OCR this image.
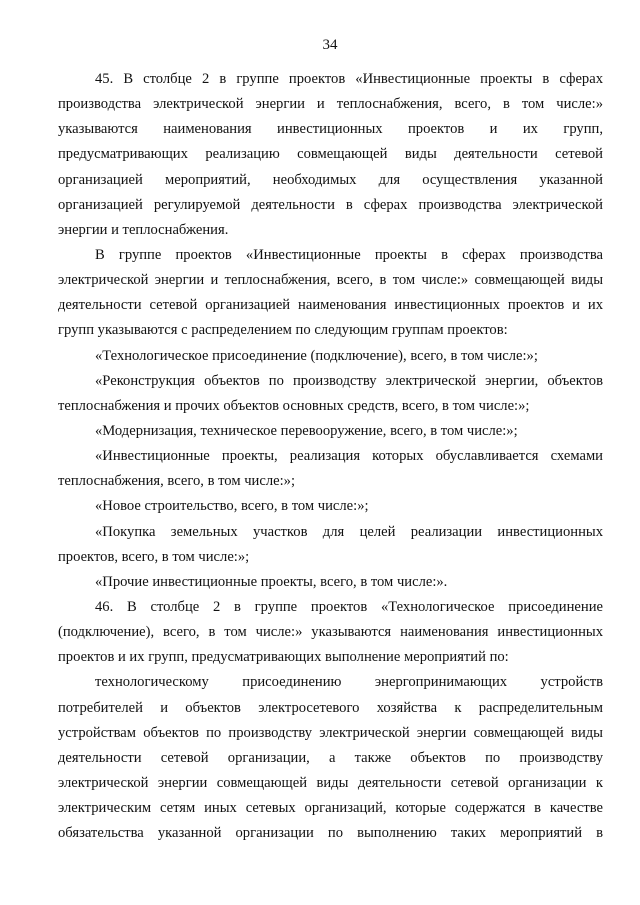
34
45. В столбце 2 в группе проектов «Инвестиционные проекты в сферах
производства электрической энергии и теплоснабжения, всего, в том числе:»
указываются наименования инвестиционных проектов и их групп,
предусматривающих реализацию совмещающей виды деятельности сетевой
организацией мероприятий, необходимых для осуществления указанной
организацией регулируемой деятельности в сферах производства электрической
энергии и теплоснабжения.
В группе проектов «Инвестиционные проекты в сферах производства
электрической энергии и теплоснабжения, всего, в том числе:» совмещающей виды
деятельности сетевой организацией наименования инвестиционных проектов и их
групп указываются с распределением по следующим группам проектов:
«Технологическое присоединение (подключение), всего, в том числе:»;
«Реконструкция объектов по производству электрической энергии, объектов
теплоснабжения и прочих объектов основных средств, всего, в том числе:»;
«Модернизация, техническое перевооружение, всего, в том числе:»;
«Инвестиционные проекты, реализация которых обуславливается схемами
теплоснабжения, всего, в том числе:»;
«Новое строительство, всего, в том числе:»;
«Покупка земельных участков для целей реализации инвестиционных
проектов, всего, в том числе:»;
«Прочие инвестиционные проекты, всего, в том числе:».
46. В столбце 2 в группе проектов «Технологическое присоединение
(подключение), всего, в том числе:» указываются наименования инвестиционных
проектов и их групп, предусматривающих выполнение мероприятий по:
технологическому присоединению энергопринимающих устройств
потребителей и объектов электросетевого хозяйства к распределительным
устройствам объектов по производству электрической энергии совмещающей виды
деятельности сетевой организации, а также объектов по производству
электрической энергии совмещающей виды деятельности сетевой организации к
электрическим сетям иных сетевых организаций, которые содержатся в качестве
обязательства указанной организации по выполнению таких мероприятий в
